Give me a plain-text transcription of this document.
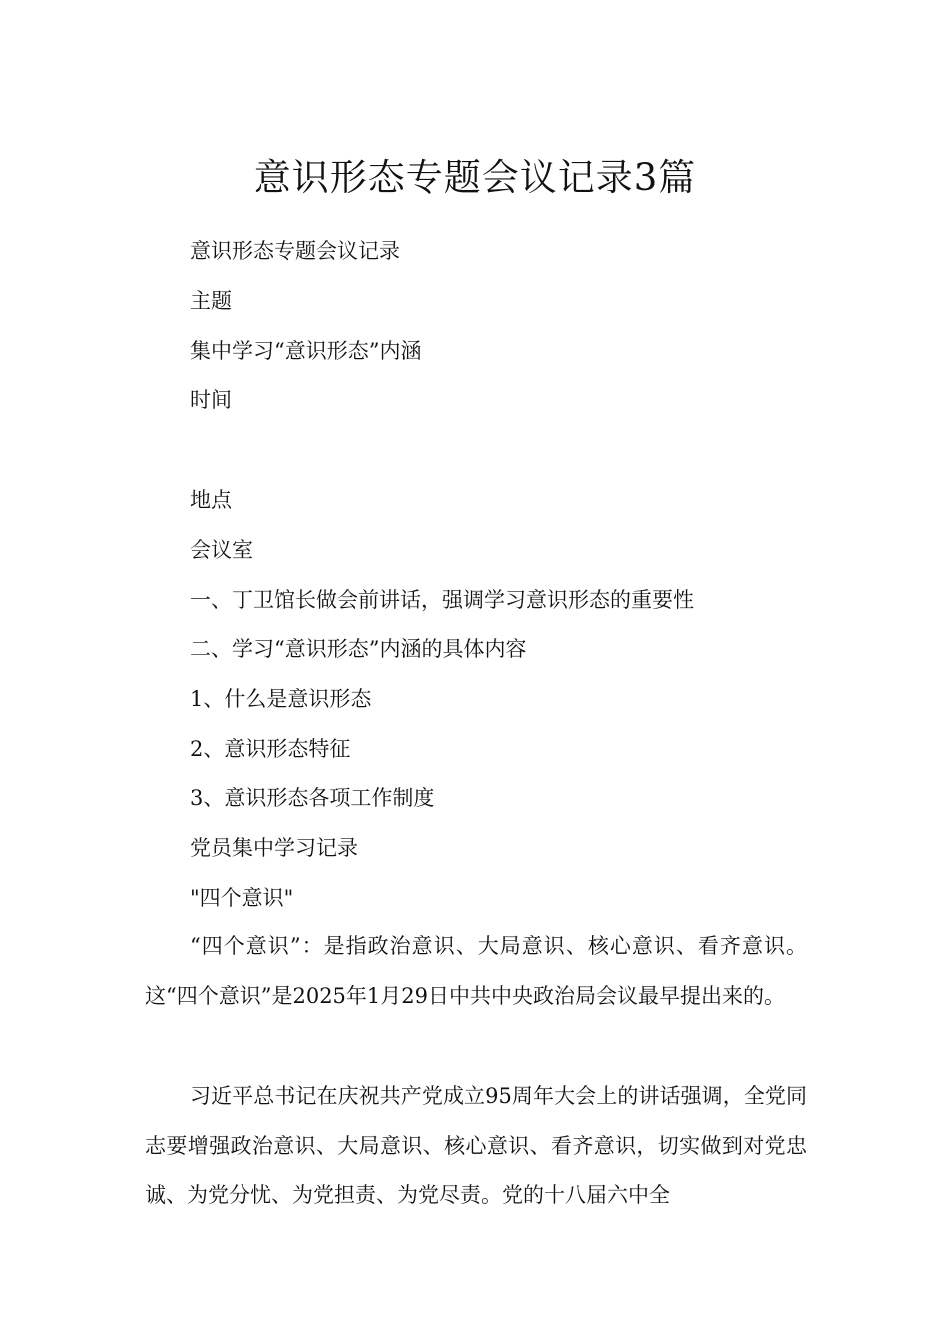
意识形态专题会议记录3篇
意识形态专题会议记录
主题
集中学习“意识形态”内涵
时间
地点
会议室
一、丁卫馆长做会前讲话，强调学习意识形态的重要性
二、学习“意识形态”内涵的具体内容
1、什么是意识形态
2、意识形态特征
3、意识形态各项工作制度
党员集中学习记录
"四个意识"

“四个意识”：是指政治意识、大局意识、核心意识、看齐意识。这“四个意识”是2025年1月29日中共中央政治局会议最早提出来的。

习近平总书记在庆祝共产党成立95周年大会上的讲话强调，全党同志要增强政治意识、大局意识、核心意识、看齐意识，切实做到对党忠诚、为党分忧、为党担责、为党尽责。党的十八届六中全
